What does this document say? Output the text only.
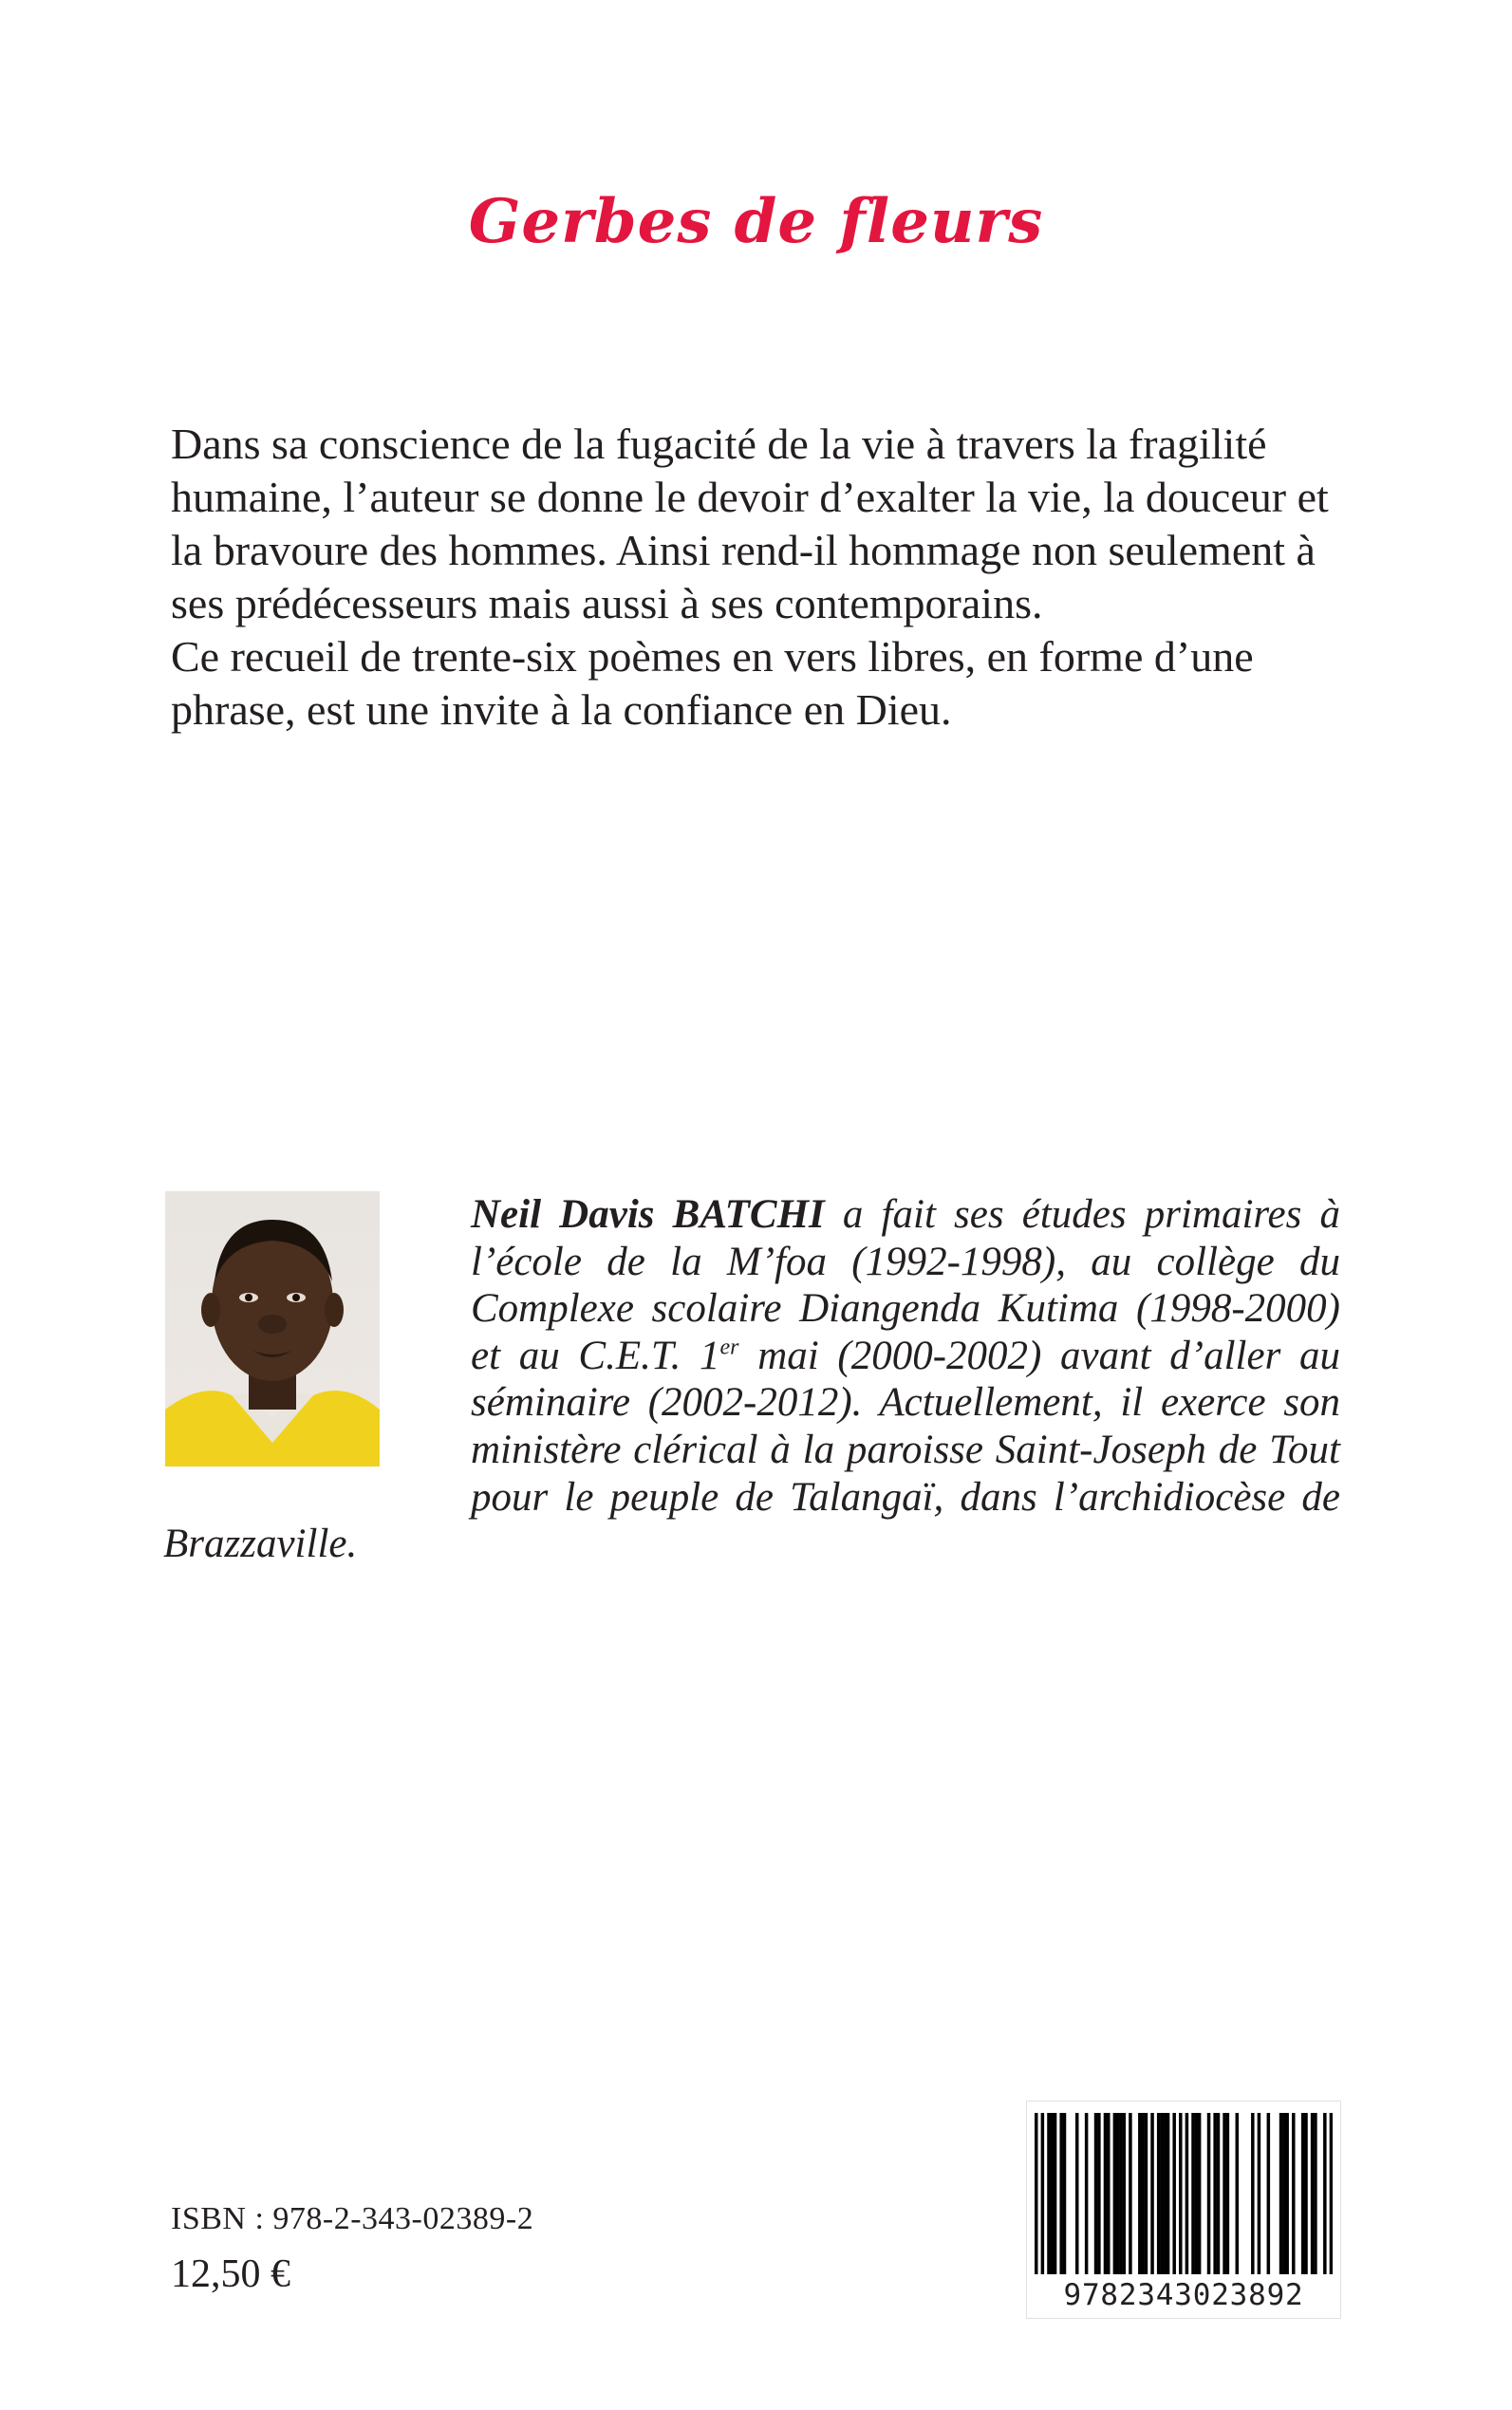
Gerbes de fleurs

Dans sa conscience de la fugacité de la vie à travers la fragilité humaine, l’auteur se donne le devoir d’exalter la vie, la douceur et la bravoure des hommes. Ainsi rend-il hommage non seulement à ses prédécesseurs mais aussi à ses contemporains.

Ce recueil de trente-six poèmes en vers libres, en forme d’une phrase, est une invite à la confiance en Dieu.

Neil Davis BATCHI a fait ses études primaires à l’école de la M’foa (1992-1998), au collège du Complexe scolaire Diangenda Kutima (1998-2000) et au C.E.T. 1er mai (2000-2002) avant d’aller au séminaire (2002-2012). Actuellement, il exerce son ministère clérical à la paroisse Saint-Joseph de Tout pour le peuple de Talangaï, dans l’archidiocèse de Brazzaville.

ISBN : 978-2-343-02389-2
12,50 €	9782343023892
